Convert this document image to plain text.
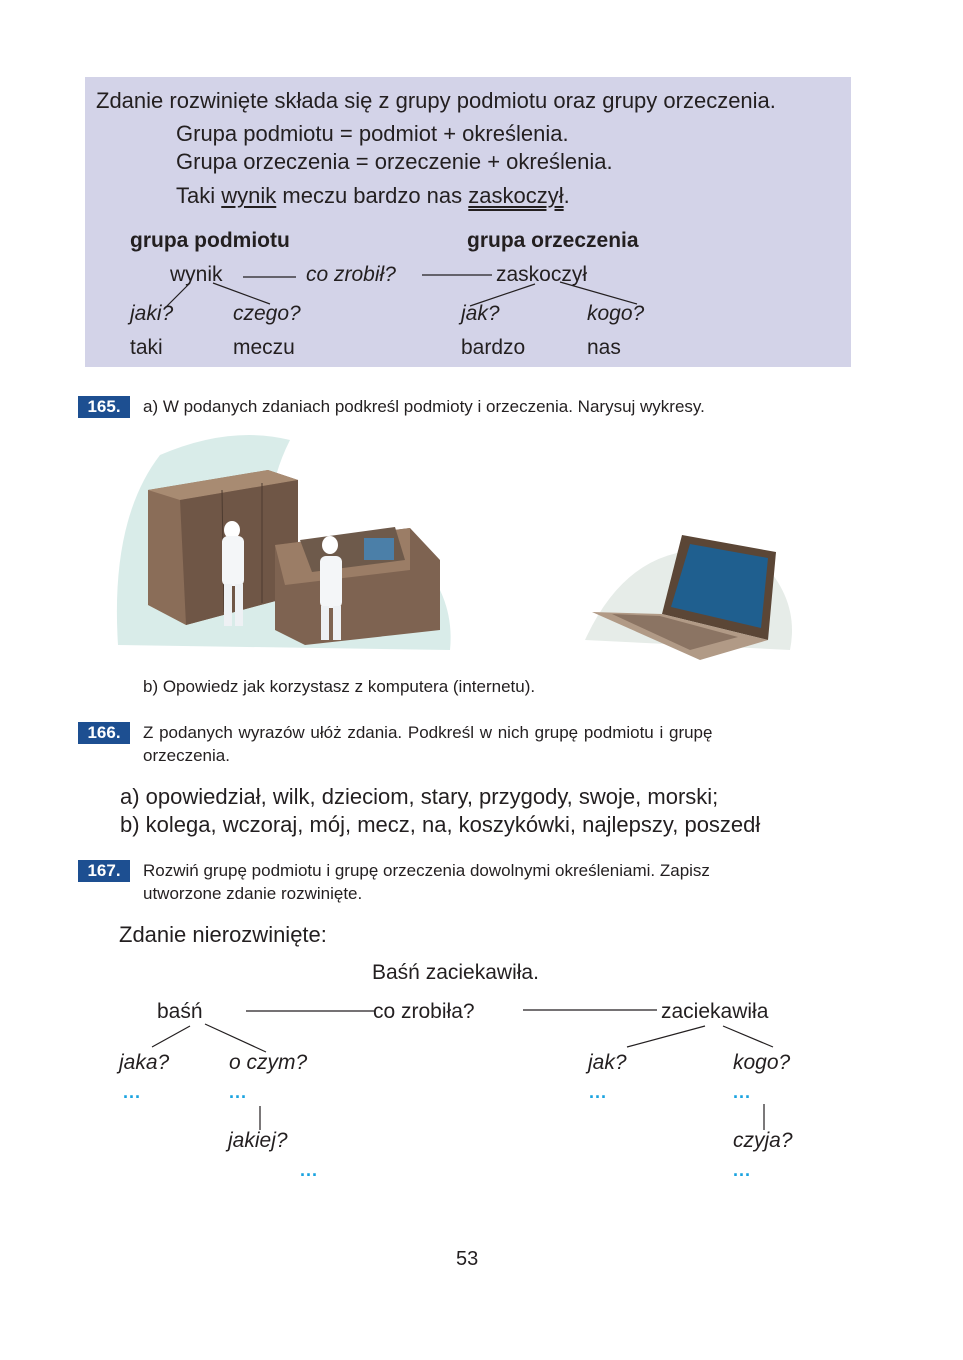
Zdanie rozwinięte składa się z grupy podmiotu oraz grupy orzeczenia.
Grupa podmiotu = podmiot + określenia.
Grupa orzeczenia = orzeczenie + określenia.
Taki wynik meczu bardzo nas zaskoczył.
grupa podmiotu	grupa orzeczenia
wynik	co zrobił?	zaskoczył
jaki?	czego?	jak?	kogo?
taki	meczu	bardzo	nas
165.	a) W podanych zdaniach podkreśl podmioty i orzeczenia. Narysuj wykresy.
b) Opowiedz jak korzystasz z komputera (internetu).
166.	Z podanych wyrazów ułóż zdania. Podkreśl w nich grupę podmiotu i grupę
orzeczenia.
a) opowiedział, wilk, dzieciom, stary, przygody, swoje, morski;
b) kolega, wczoraj, mój, mecz, na, koszykówki, najlepszy, poszedł
167.	Rozwiń grupę podmiotu i grupę orzeczenia dowolnymi określeniami. Zapisz
utworzone zdanie rozwinięte.
Zdanie nierozwinięte:
Baśń zaciekawiła.
baśń	co zrobiła?	zaciekawiła
jaka?	o czym?	jak?	kogo?
...	...	...	...
jakiej?	czyja?
...	...
53
